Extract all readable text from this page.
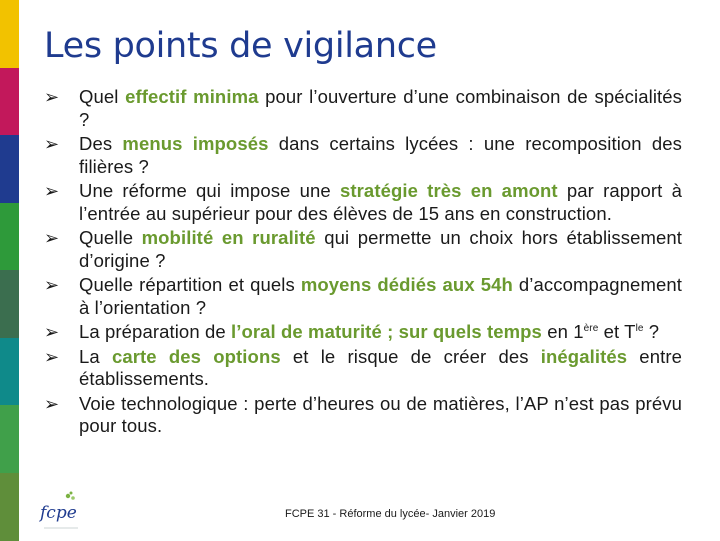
Les points de vigilance
➢ Quel effectif minima pour l’ouverture d’une combinaison de spécialités ?
➢ Des menus imposés dans certains lycées : une recomposition des filières ?
➢ Une réforme qui impose une stratégie très en amont par rapport à l’entrée au supérieur pour des élèves de 15 ans en construction.
➢ Quelle mobilité en ruralité qui permette un choix hors établissement d’origine ?
➢ Quelle répartition et quels moyens dédiés aux 54h d’accompagnement à l’orientation ?
➢ La préparation de l’oral de maturité ; sur quels temps en 1ère et $T^{le}$ ?
➢ La carte des options et le risque de créer des inégalités entre établissements.
➢ Voie technologique : perte d’heures ou de matières, l’AP n’est pas prévu pour tous.
fcpe	FCPE 31 - Réforme du lycée- Janvier 2019
